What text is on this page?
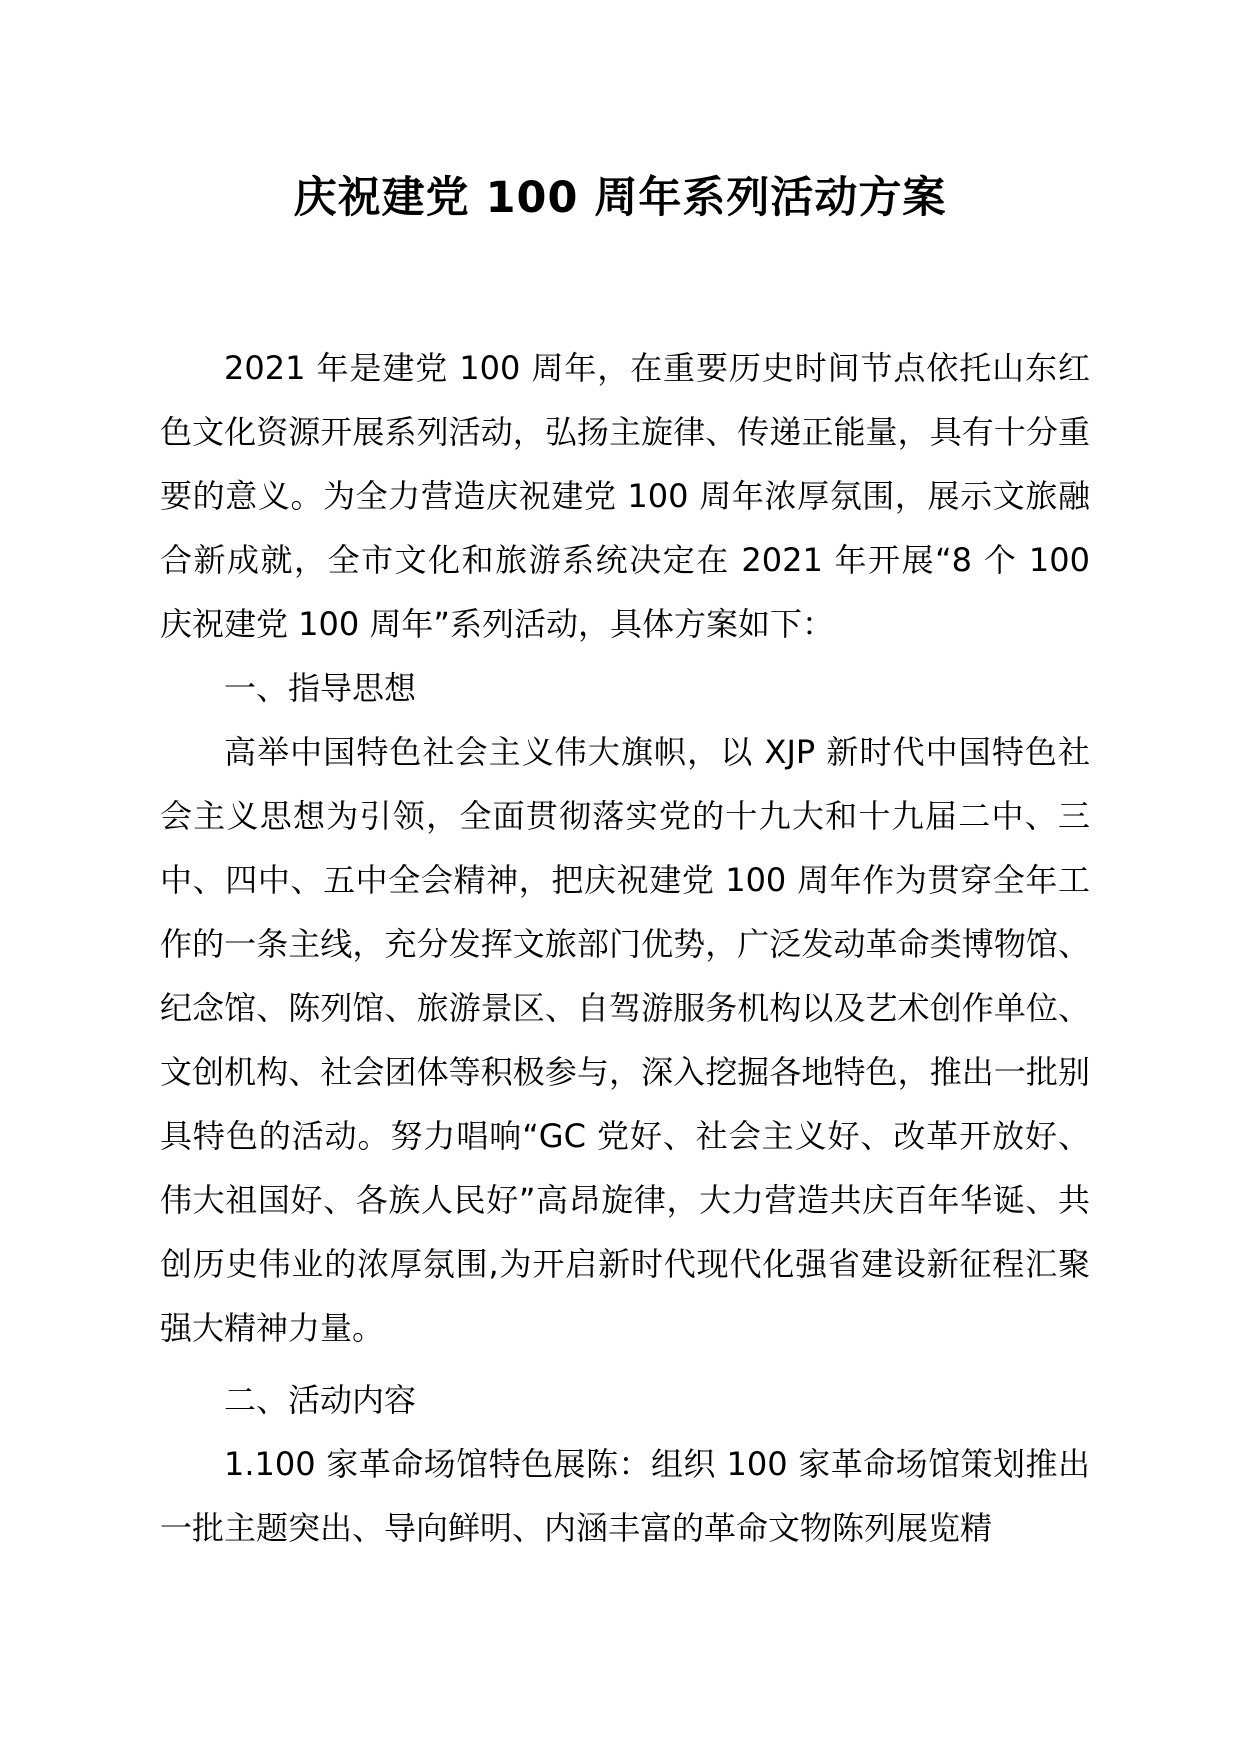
庆祝建党 100 周年系列活动方案

2021 年是建党 100 周年，在重要历史时间节点依托山东红色文化资源开展系列活动，弘扬主旋律、传递正能量，具有十分重要的意义。为全力营造庆祝建党 100 周年浓厚氛围，展示文旅融合新成就，全市文化和旅游系统决定在 2021 年开展“8 个 100 庆祝建党 100 周年”系列活动，具体方案如下：

一、指导思想

高举中国特色社会主义伟大旗帜，以 XJP 新时代中国特色社会主义思想为引领，全面贯彻落实党的十九大和十九届二中、三中、四中、五中全会精神，把庆祝建党 100 周年作为贯穿全年工作的一条主线，充分发挥文旅部门优势，广泛发动革命类博物馆、纪念馆、陈列馆、旅游景区、自驾游服务机构以及艺术创作单位、文创机构、社会团体等积极参与，深入挖掘各地特色，推出一批别具特色的活动。努力唱响“GC 党好、社会主义好、改革开放好、伟大祖国好、各族人民好”高昂旋律，大力营造共庆百年华诞、共创历史伟业的浓厚氛围,为开启新时代现代化强省建设新征程汇聚强大精神力量。

二、活动内容

1.100 家革命场馆特色展陈：组织 100 家革命场馆策划推出一批主题突出、导向鲜明、内涵丰富的革命文物陈列展览精
